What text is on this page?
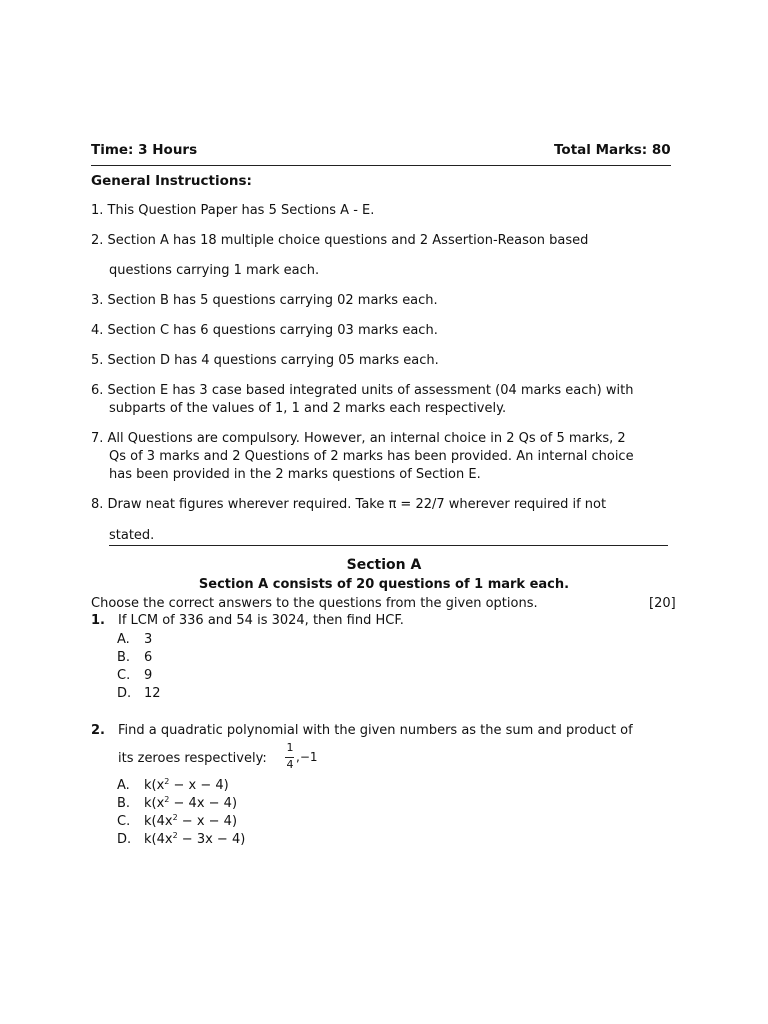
Time: 3 Hours	Total Marks: 80
General Instructions:
1. This Question Paper has 5 Sections A - E.
2. Section A has 18 multiple choice questions and 2 Assertion-Reason based
questions carrying 1 mark each.
3. Section B has 5 questions carrying 02 marks each.
4. Section C has 6 questions carrying 03 marks each.
5. Section D has 4 questions carrying 05 marks each.
6. Section E has 3 case based integrated units of assessment (04 marks each) with
subparts of the values of 1, 1 and 2 marks each respectively.
7. All Questions are compulsory. However, an internal choice in 2 Qs of 5 marks, 2
Qs of 3 marks and 2 Questions of 2 marks has been provided. An internal choice
has been provided in the 2 marks questions of Section E.
8. Draw neat figures wherever required. Take π = 22/7 wherever required if not
stated.
Section A
Section A consists of 20 questions of 1 mark each.
Choose the correct answers to the questions from the given options.	[20]
1. If LCM of 336 and 54 is 3024, then find HCF.
A. 3
B. 6
C. 9
D. 12
2. Find a quadratic polynomial with the given numbers as the sum and product of
its zeroes respectively:
1
4
,−1
A. $k(x^2 - x - 4)$
B. $k(x^2 - 4x - 4)$
C. $k(4x^2 - x - 4)$
D. $k(4x^2 - 3x - 4)$
